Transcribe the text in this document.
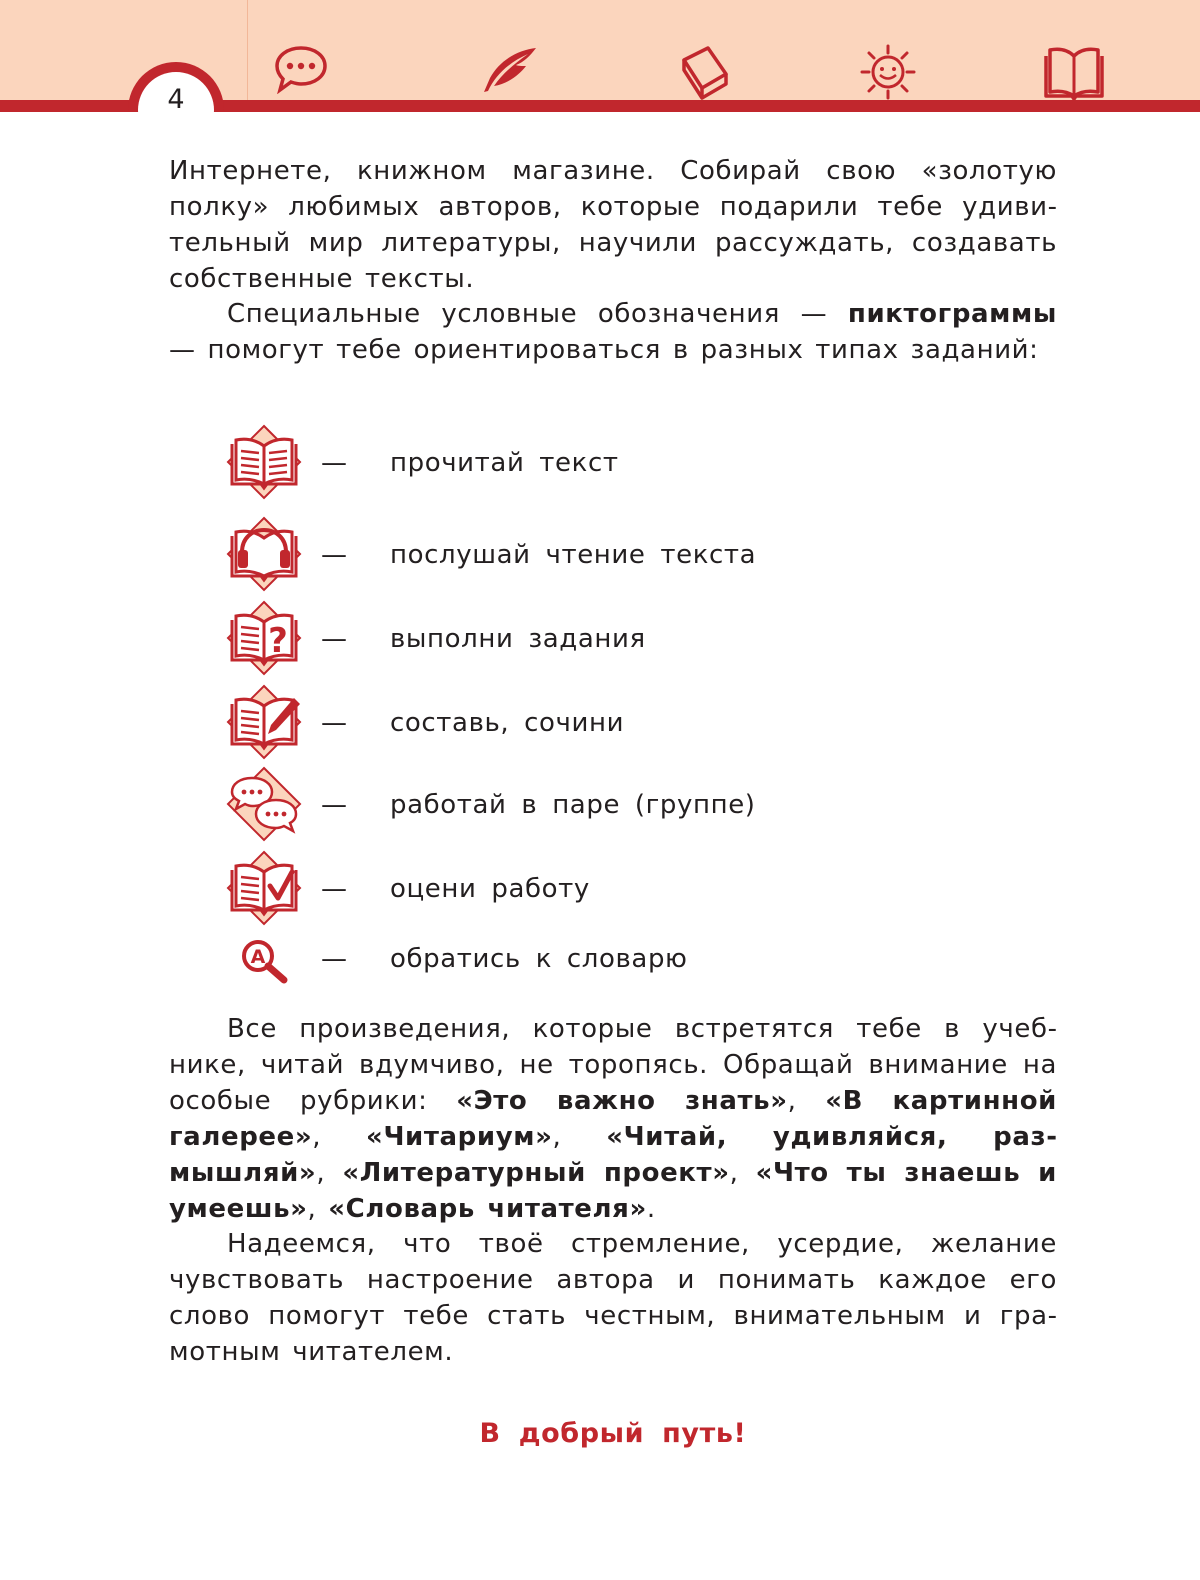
4

Интернете, книжном магазине. Собирай свою «золотую полку» любимых авторов, которые подарили тебе удивительный мир литературы, научили рассуждать, создавать собственные тексты.

Специальные условные обозначения — пиктограммы — помогут тебе ориентироваться в разных типах заданий:

— прочитай текст
— послушай чтение текста
? — выполни задания
— составь, сочини
— работай в паре (группе)
— оцени работу
А — обратись к словарю

Все произведения, которые встретятся тебе в учебнике, читай вдумчиво, не торопясь. Обращай внимание на особые рубрики: «Это важно знать», «В картинной галерее», «Читариум», «Читай, удивляйся, размышляй», «Литературный проект», «Что ты знаешь и умеешь», «Словарь читателя».

Надеемся, что твоё стремление, усердие, желание чувствовать настроение автора и понимать каждое его слово помогут тебе стать честным, внимательным и грамотным читателем.

В добрый путь!
